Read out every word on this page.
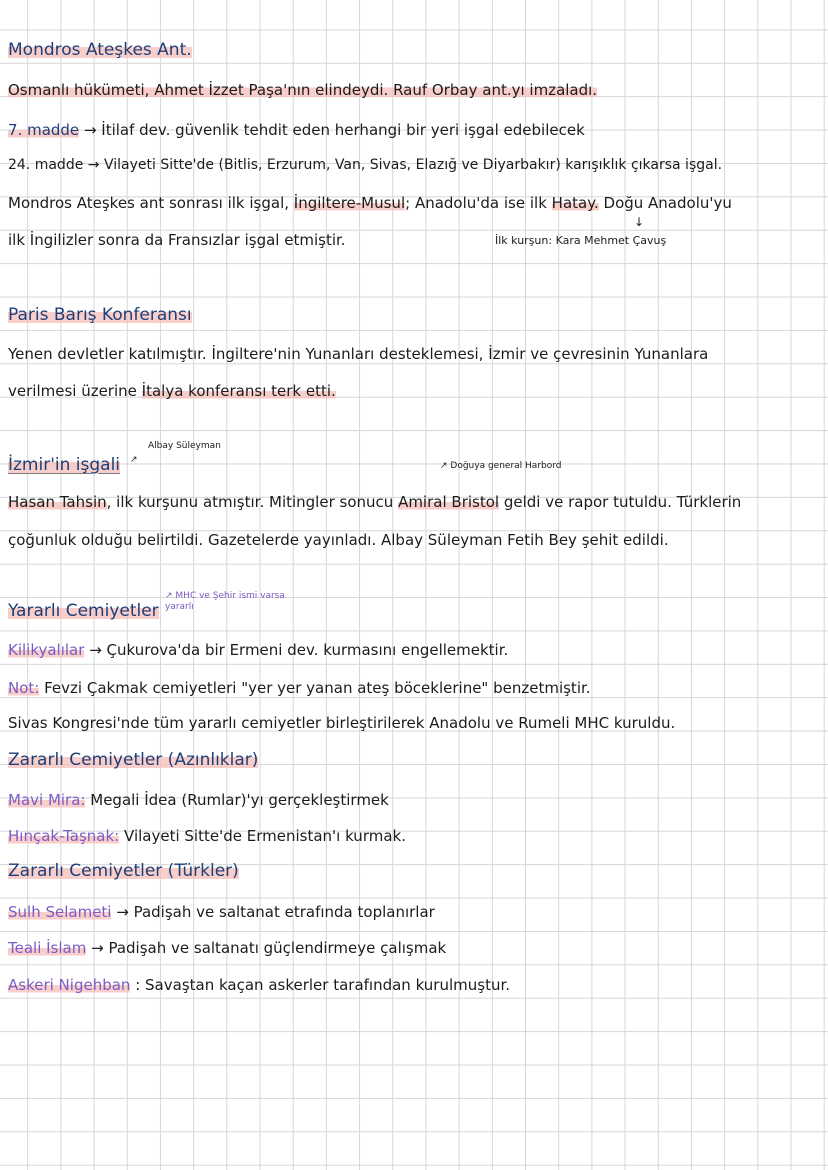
Mondros Ateşkes Ant.
Osmanlı hükümeti, Ahmet İzzet Paşa'nın elindeydi. Rauf Orbay ant.yı imzaladı.
7. madde → İtilaf dev. güvenlik tehdit eden herhangi bir yeri işgal edebilecek
24. madde → Vilayeti Sitte'de (Bitlis, Erzurum, Van, Sivas, Elazığ ve Diyarbakır) karışıklık çıkarsa işgal.
Mondros Ateşkes ant sonrası ilk işgal, İngiltere-Musul; Anadolu'da ise ilk Hatay. Doğu Anadolu'yu
↓
ilk İngilizler sonra da Fransızlar işgal etmiştir.	İlk kurşun: Kara Mehmet Çavuş
Paris Barış Konferansı
Yenen devletler katılmıştır. İngiltere'nin Yunanları desteklemesi, İzmir ve çevresinin Yunanlara
verilmesi üzerine İtalya konferansı terk etti.
Albay Süleyman
İzmir'in işgali ↗
↗ Doğuya general Harbord
Hasan Tahsin, ilk kurşunu atmıştır. Mitingler sonucu Amiral Bristol geldi ve rapor tutuldu. Türklerin
çoğunluk olduğu belirtildi. Gazetelerde yayınladı. Albay Süleyman Fetih Bey şehit edildi.
↗ MHC ve Şehir ismi varsa yararlı
Yararlı Cemiyetler
Kilikyalılar → Çukurova'da bir Ermeni dev. kurmasını engellemektir.
Not: Fevzi Çakmak cemiyetleri "yer yer yanan ateş böceklerine" benzetmiştir.
Sivas Kongresi'nde tüm yararlı cemiyetler birleştirilerek Anadolu ve Rumeli MHC kuruldu.
Zararlı Cemiyetler (Azınlıklar)
Mavi Mira: Megali İdea (Rumlar)'yı gerçekleştirmek
Hınçak-Taşnak: Vilayeti Sitte'de Ermenistan'ı kurmak.
Zararlı Cemiyetler (Türkler)
Sulh Selameti → Padişah ve saltanat etrafında toplanırlar
Teali İslam → Padişah ve saltanatı güçlendirmeye çalışmak
Askeri Nigehban : Savaştan kaçan askerler tarafından kurulmuştur.
